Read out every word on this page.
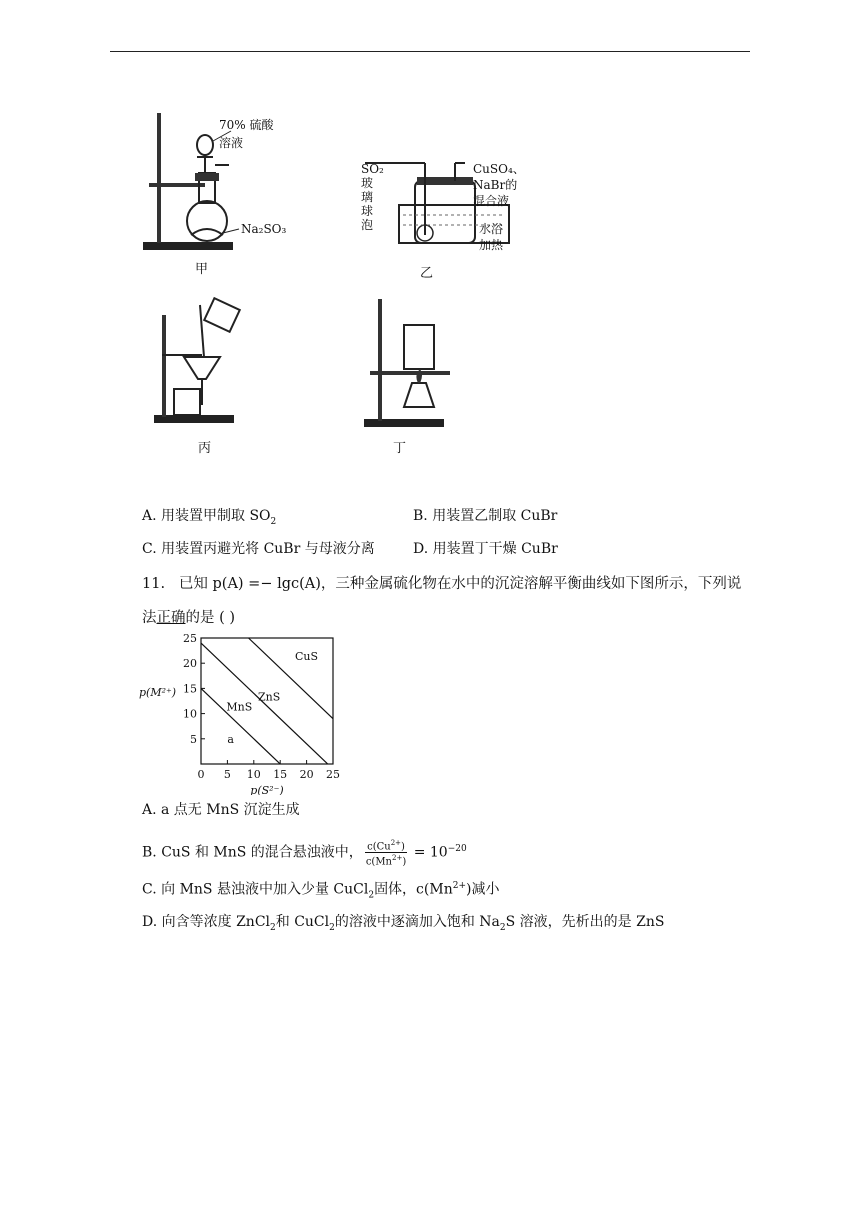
70% 硫酸
溶液
Na₂SO₃
甲
SO₂
玻
璃
球
泡
CuSO₄、
NaBr的
混合液
水浴
加热
乙
丙	丁
A. 用装置甲制取 $SO_2$	B. 用装置乙制取 CuBr
C. 用装置丙避光将 CuBr 与母液分离	D. 用装置丁干燥 CuBr
11. 已知 p(A) =− lgc(A)，三种金属硫化物在水中的沉淀溶解平衡曲线如下图所示，下列说
法正确的是 ( )
0 5 10 15 20 25
5
10
15
20
25
p(S²⁻)
p(M²⁺)
MnS
ZnS
CuS
a
A. a 点无 MnS 沉淀生成
B. CuS 和 MnS 的混合悬浊液中， $\frac{c(Cu^{2+})}{c(Mn^{2+})} = 10^{-20}$
C. 向 MnS 悬浊液中加入少量 CuCl$_2$固体，$c(Mn^{2+})$减小
D. 向含等浓度 ZnCl$_2$和 CuCl$_2$的溶液中逐滴加入饱和 $Na_2S$ 溶液，先析出的是 ZnS
